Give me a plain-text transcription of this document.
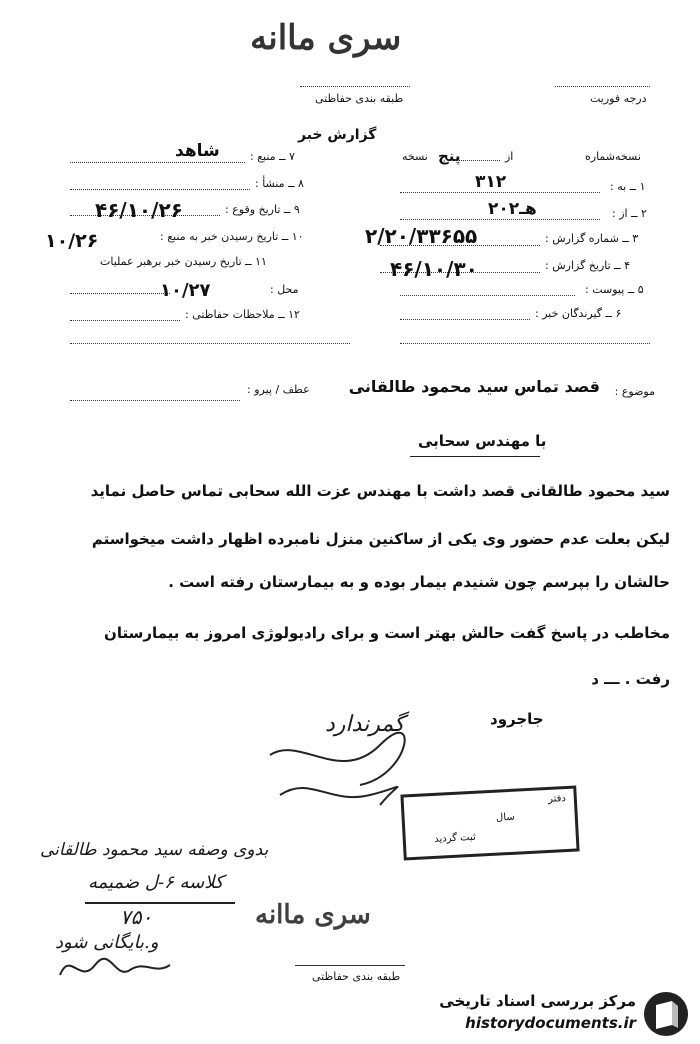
سری ماانه
طبقه بندی حفاظتی	درجه فوریت
گزارش خبر
نسخه پنج	از	نسخه‌شماره
۱ ــ به :
۳۱۲
۲ ــ از :
۲۰هـ۲
۳ ــ شماره گزارش :
۲/۲۰/۳۳۶۵۵
۴ ــ تاریخ گزارش :
۴۶/۱۰/۳۰
۵ ــ پیوست :
۶ ــ گیرندگان خبر :
۷ ــ منبع :
شاهد
۸ ــ منشأ :
۹ ــ تاریخ وقوع :
۴۶/۱۰/۲۶
۱۰ ــ تاریخ رسیدن خبر به منبع :
۱۰/۲۶
۱۱ ــ تاریخ رسیدن خبر برهبر عملیات
محل :
۱۰/۲۷
۱۲ ــ ملاحظات حفاظتی :
موضوع :
قصد تماس سید محمود طالقانی
عطف / پیرو :
با مهندس سحابی
سید محمود طالقانی قصد داشت با مهندس عزت الله سحابی تماس حاصل نماید
لیکن بعلت عدم حضور وی یکی از ساکنین منزل نامبرده اظهار داشت میخواستم
حالشان را بپرسم چون شنیدم بیمار بوده و به بیمارستان رفته است .
مخاطب در پاسخ گفت حالش بهتر است و برای رادیولوژی امروز به بیمارستان
رفت . ـــ د
جاجرود
گمرندارد
بدوی وصفه سید محمود طالقانی
کلاسه ۶-ل ضمیمه
۷۵۰
و.بایگانی شود
دفتر
سال
ثبت گردید
سری ماانه
طبقه بندی حفاظتی
مرکز بررسی اسناد تاریخی
historydocuments.ir
